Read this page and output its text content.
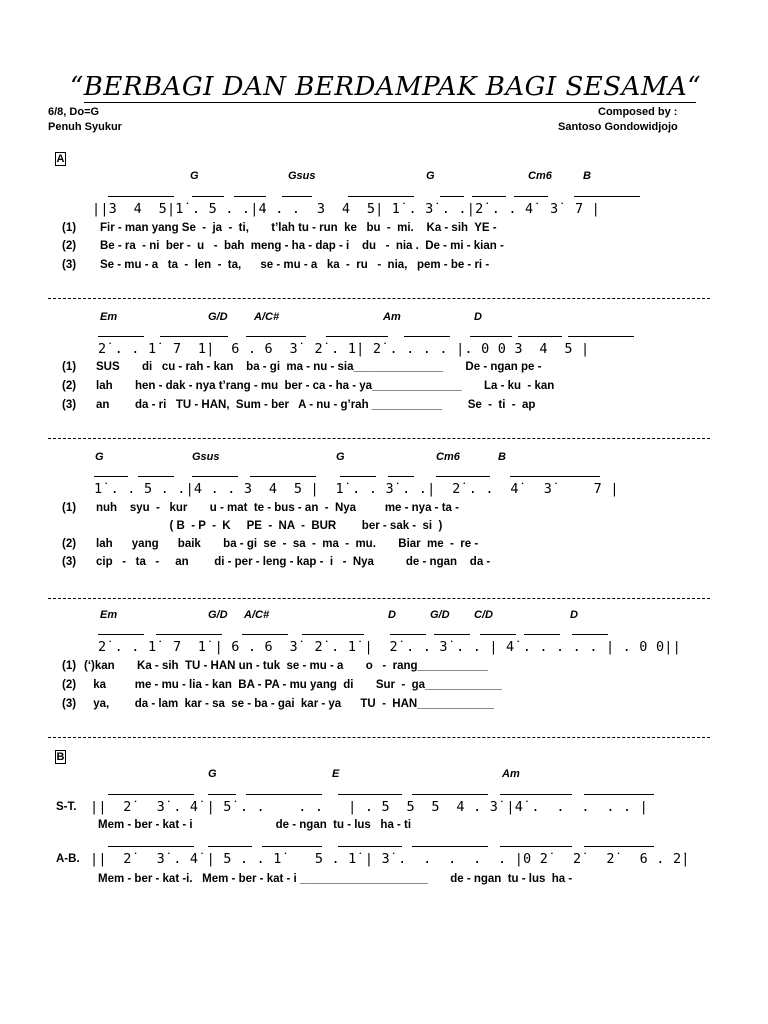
“BERBAGI DAN BERDAMPAK BAGI SESAMA“
6/8, Do=G
Penuh Syukur
Composed by :
Santoso Gondowidjojo
A
G	Gsus	G	Cm6	B
||3  4  5|1̇ . 5 . .|4 . .  3  4  5| 1̇ . 3̇ . .|2̇ . . 4̇  3̇  7 |
(1) Fir - man yang Se  -  ja  -  ti,       t’lah tu - run  ke   bu  -  mi.    Ka - sih  YE -
(2) Be - ra  - ni  ber -  u   -  bah  meng - ha - dap - i    du   -  nia .  De - mi - kian -
(3) Se - mu - a   ta  -  len  -  ta,      se - mu - a   ka  -  ru   -  nia,   pem - be - ri -
Em	G/D A/C#	Am	D
2̇ . . 1̇  7  1̇|  6 . 6  3̇  2̇ . 1̇| 2̇ . . . . |. 0 0 3  4  5 |
(1) SUS       di   cu - rah - kan    ba - gi  ma - nu - sia______________       De - ngan pe -
(2) lah       hen - dak - nya t’rang - mu  ber - ca - ha - ya______________       La - ku  - kan
(3) an        da - ri   TU - HAN,  Sum - ber   A - nu - g’rah ___________        Se  -  ti  -  ap
G	Gsus	G	Cm6	B
1̇ . . 5 . .|4 . . 3  4  5 |  1̇ . . 3̇ . .|  2̇ . .  4̇   3̇     7 |
(1) nuh    syu  -   kur       u - mat  te - bus - an  -  Nya         me - nya - ta -
( B  - P  -  K     PE  -  NA  -  BUR        ber - sak -  si  )
(2) lah      yang      baik       ba - gi  se  -  sa  -  ma  -  mu.       Biar  me  -  re -
(3) cip   -   ta   -     an        di - per - leng - kap -  i   -  Nya          de - ngan    da -
Em	G/D A/C#	D	G/D C/D	D
2̇ . . 1̇  7  1̇ | 6 . 6  3̇  2̇ . 1̇ |  2̇ . . 3̇ . . | 4̇ . . . . . | . 0 0||
(1) (‘)kan       Ka - sih  TU - HAN un - tuk  se - mu - a       o   -  rang___________
(2) ka         me - mu - lia - kan  BA - PA - mu yang  di       Sur  -  ga____________
(3) ya,        da - lam  kar - sa  se - ba - gai  kar - ya      TU  -  HAN____________
B
G	E	Am
S-T. ||  2̇   3̇ . 4̇ | 5̇ . .    . .   | . 5  5  5  4 . 3̇ |4̇ .  .  .  . . |
Mem - ber - kat - i                          de - ngan  tu - lus   ha - ti
A-B. ||  2̇   3̇ . 4̇ | 5 . . 1̇    5 . 1̇ | 3̇ .  .  .  .  . |0 2̇   2̇   2̇   6 . 2̇|
Mem - ber - kat -i.   Mem - ber - kat - i ____________________       de - ngan  tu - lus  ha -
